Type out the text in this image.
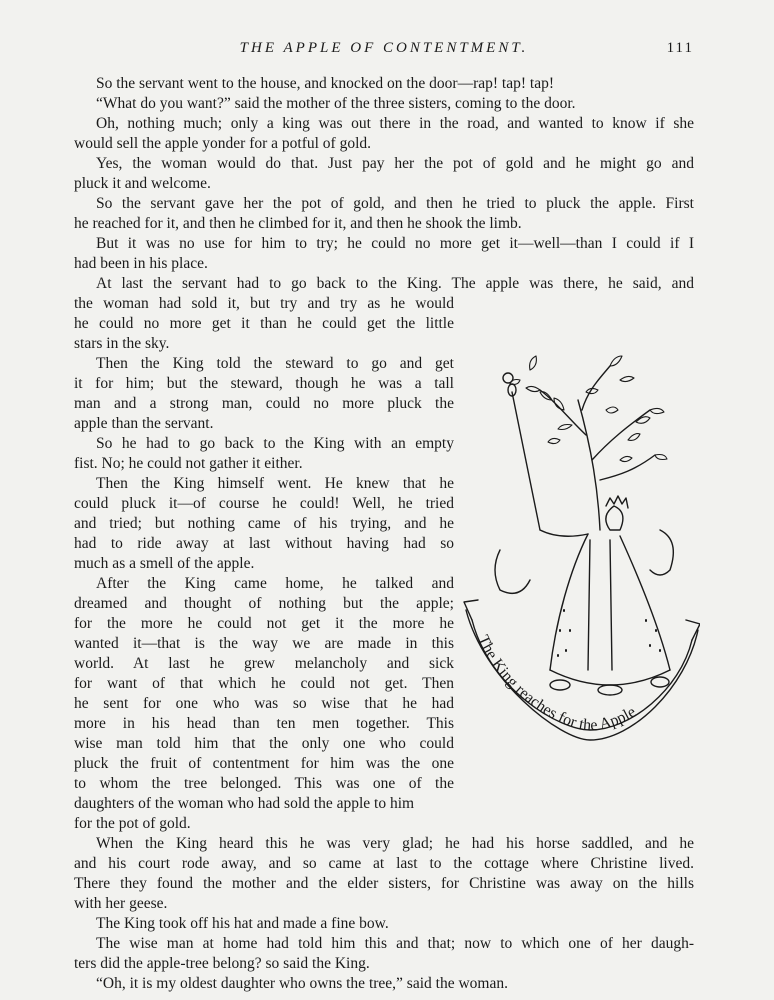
THE APPLE OF CONTENTMENT.	111
So the servant went to the house, and knocked on the door—rap! tap! tap!
“What do you want?” said the mother of the three sisters, coming to the door.
Oh, nothing much; only a king was out there in the road, and wanted to know if she
would sell the apple yonder for a potful of gold.
Yes, the woman would do that. Just pay her the pot of gold and he might go and
pluck it and welcome.
So the servant gave her the pot of gold, and then he tried to pluck the apple. First
he reached for it, and then he climbed for it, and then he shook the limb.
But it was no use for him to try; he could no more get it—well—than I could if I
had been in his place.
At last the servant had to go back to the King. The apple was there, he said, and
the woman had sold it, but try and try as he would
he could no more get it than he could get the little
stars in the sky.
Then the King told the steward to go and get
it for him; but the steward, though he was a tall
man and a strong man, could no more pluck the
apple than the servant.
So he had to go back to the King with an empty
fist. No; he could not gather it either.
Then the King himself went. He knew that he
could pluck it—of course he could! Well, he tried
and tried; but nothing came of his trying, and he
had to ride away at last without having had so
much as a smell of the apple.
After the King came home, he talked and
dreamed and thought of nothing but the apple;
for the more he could not get it the more he
wanted it—that is the way we are made in this
world. At last he grew melancholy and sick
for want of that which he could not get. Then
he sent for one who was so wise that he had
more in his head than ten men together. This
wise man told him that the only one who could
pluck the fruit of contentment for him was the one
to whom the tree belonged. This was one of the
daughters of the woman who had sold the apple to him
for the pot of gold.
When the King heard this he was very glad; he had his horse saddled, and he
and his court rode away, and so came at last to the cottage where Christine lived.
There they found the mother and the elder sisters, for Christine was away on the hills
with her geese.
The King took off his hat and made a fine bow.
The wise man at home had told him this and that; now to which one of her daugh-
ters did the apple-tree belong? so said the King.
“Oh, it is my oldest daughter who owns the tree,” said the woman.
The King reaches for the Apple
